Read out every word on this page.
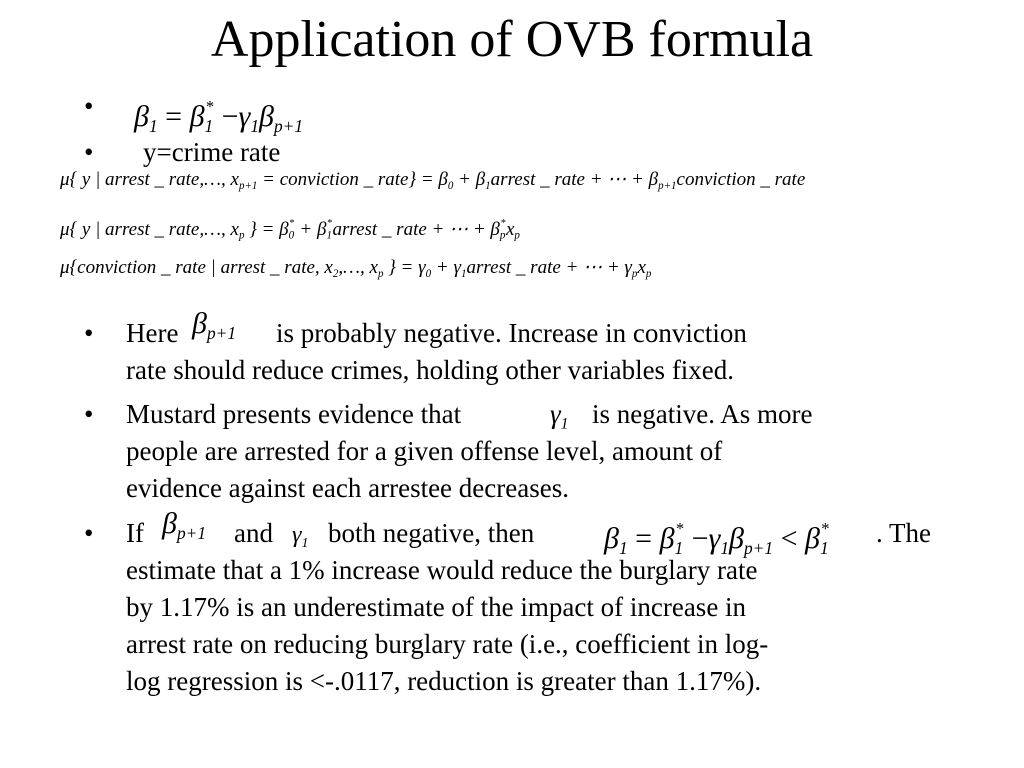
Application of OVB formula
• $\beta_1 = \beta_1^* -\gamma_1\beta_{p+1}$
• y=crime rate
μ{ y | arrest _ rate,…, $x_{p+1}$ = conviction _ rate} = $\beta_0$ + $\beta_1arrest$ _ rate + ⋯ + $\beta_{p+1}conviction$ _ rate
μ{ y | arrest _ rate,…, $x_p$ } = $\beta_0^*$ + $\beta_1^*arrest$ _ rate + ⋯ + $\beta_p^*x_p$
μ{conviction _ rate | arrest _ rate, $x_2,\dots$, $x_p$ } = $\gamma_0$ + $\gamma_1arrest$ _ rate + ⋯ + $\gamma_px_p$
• Here $\beta_{p+1}$ is probably negative. Increase in conviction
rate should reduce crimes, holding other variables fixed.
• Mustard presents evidence that	$\gamma_1$ is negative. As more
people are arrested for a given offense level, amount of
evidence against each arrestee decreases.
• If $\beta_{p+1}$ and $\gamma_1$ both negative, then $\beta_1 = \beta_1^* -\gamma_1\beta_{p+1} < \beta_1^*$ . The
estimate that a 1% increase would reduce the burglary rate
by 1.17% is an underestimate of the impact of increase in
arrest rate on reducing burglary rate (i.e., coefficient in log-
log regression is <-.0117, reduction is greater than 1.17%).
